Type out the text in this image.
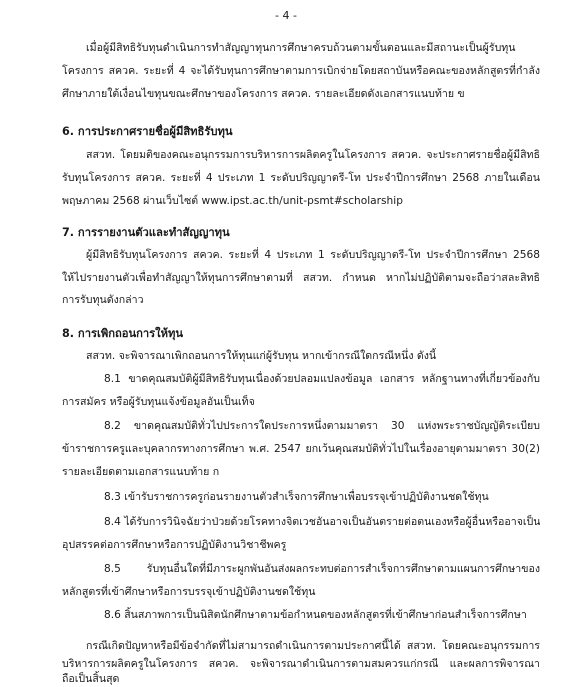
- 4 -
เมื่อผู้มีสิทธิรับทุนดำเนินการทำสัญญาทุนการศึกษาครบถ้วนตามขั้นตอนและมีสถานะเป็นผู้รับทุน
โครงการ สควค. ระยะที่ 4 จะได้รับทุนการศึกษาตามการเบิกจ่ายโดยสถาบันหรือคณะของหลักสูตรที่กำลัง
ศึกษาภายใต้เงื่อนไขทุนขณะศึกษาของโครงการ สควค. รายละเอียดดังเอกสารแนบท้าย ข
6. การประกาศรายชื่อผู้มีสิทธิรับทุน
สสวท. โดยมติของคณะอนุกรรมการบริหารการผลิตครูในโครงการ สควค. จะประกาศรายชื่อผู้มีสิทธิ
รับทุนโครงการ สควค. ระยะที่ 4 ประเภท 1 ระดับปริญญาตรี-โท ประจำปีการศึกษา 2568 ภายในเดือน
พฤษภาคม 2568 ผ่านเว็บไซต์ www.ipst.ac.th/unit-psmt#scholarship
7. การรายงานตัวและทำสัญญาทุน
ผู้มีสิทธิรับทุนโครงการ สควค. ระยะที่ 4 ประเภท 1 ระดับปริญญาตรี-โท ประจำปีการศึกษา 2568
ให้ไปรายงานตัวเพื่อทำสัญญาให้ทุนการศึกษาตามที่ สสวท. กำหนด หากไม่ปฏิบัติตามจะถือว่าสละสิทธิ
การรับทุนดังกล่าว
8. การเพิกถอนการให้ทุน
สสวท. จะพิจารณาเพิกถอนการให้ทุนแก่ผู้รับทุน หากเข้ากรณีใดกรณีหนึ่ง ดังนี้
8.1 ขาดคุณสมบัติผู้มีสิทธิรับทุนเนื่องด้วยปลอมแปลงข้อมูล เอกสาร หลักฐานทางที่เกี่ยวข้องกับ
การสมัคร หรือผู้รับทุนแจ้งข้อมูลอันเป็นเท็จ
8.2 ขาดคุณสมบัติทั่วไปประการใดประการหนึ่งตามมาตรา 30 แห่งพระราชบัญญัติระเบียบ
ข้าราชการครูและบุคลากรทางการศึกษา พ.ศ. 2547 ยกเว้นคุณสมบัติทั่วไปในเรื่องอายุตามมาตรา 30(2)
รายละเอียดตามเอกสารแนบท้าย ก
8.3 เข้ารับราชการครูก่อนรายงานตัวสำเร็จการศึกษาเพื่อบรรจุเข้าปฏิบัติงานชดใช้ทุน
8.4 ได้รับการวินิจฉัยว่าป่วยด้วยโรคทางจิตเวชอันอาจเป็นอันตรายต่อตนเองหรือผู้อื่นหรืออาจเป็น
อุปสรรคต่อการศึกษาหรือการปฏิบัติงานวิชาชีพครู
8.5 รับทุนอื่นใดที่มีภาระผูกพันอันส่งผลกระทบต่อการสำเร็จการศึกษาตามแผนการศึกษาของ
หลักสูตรที่เข้าศึกษาหรือการบรรจุเข้าปฏิบัติงานชดใช้ทุน
8.6 สิ้นสภาพการเป็นนิสิตนักศึกษาตามข้อกำหนดของหลักสูตรที่เข้าศึกษาก่อนสำเร็จการศึกษา
กรณีเกิดปัญหาหรือมีข้อจำกัดที่ไม่สามารถดำเนินการตามประกาศนี้ได้ สสวท. โดยคณะอนุกรรมการ
บริหารการผลิตครูในโครงการ สควค. จะพิจารณาดำเนินการตามสมควรแก่กรณี และผลการพิจารณา
ถือเป็นสิ้นสุด
